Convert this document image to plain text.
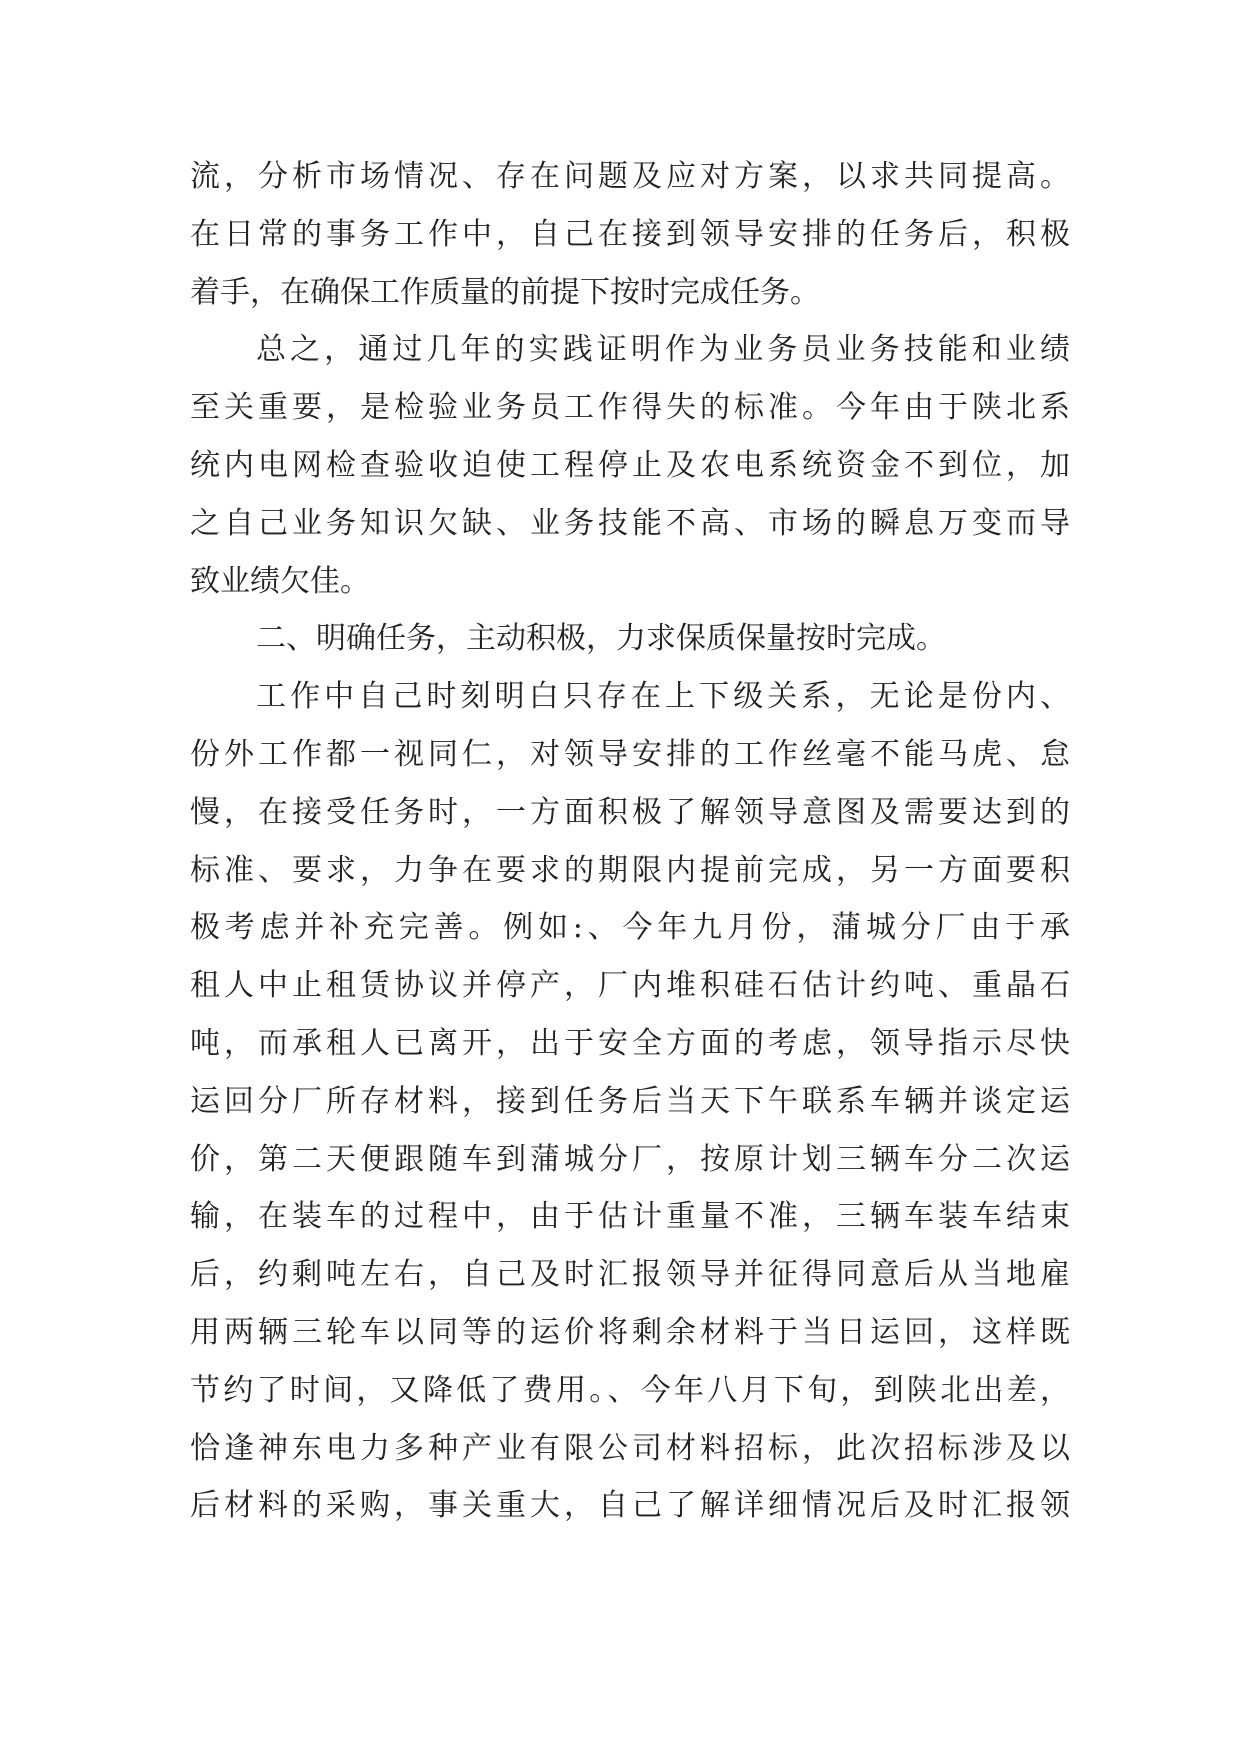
流，分析市场情况、存在问题及应对方案，以求共同提高。
在日常的事务工作中，自己在接到领导安排的任务后，积极
着手，在确保工作质量的前提下按时完成任务。
总之，通过几年的实践证明作为业务员业务技能和业绩
至关重要，是检验业务员工作得失的标准。今年由于陕北系
统内电网检查验收迫使工程停止及农电系统资金不到位，加
之自己业务知识欠缺、业务技能不高、市场的瞬息万变而导
致业绩欠佳。
二、明确任务，主动积极，力求保质保量按时完成。
工作中自己时刻明白只存在上下级关系，无论是份内、
份外工作都一视同仁，对领导安排的工作丝毫不能马虎、怠
慢，在接受任务时，一方面积极了解领导意图及需要达到的
标准、要求，力争在要求的期限内提前完成，另一方面要积
极考虑并补充完善。例如:、今年九月份，蒲城分厂由于承
租人中止租赁协议并停产，厂内堆积硅石估计约吨、重晶石
吨，而承租人已离开，出于安全方面的考虑，领导指示尽快
运回分厂所存材料，接到任务后当天下午联系车辆并谈定运
价，第二天便跟随车到蒲城分厂，按原计划三辆车分二次运
输，在装车的过程中，由于估计重量不准，三辆车装车结束
后，约剩吨左右，自己及时汇报领导并征得同意后从当地雇
用两辆三轮车以同等的运价将剩余材料于当日运回，这样既
节约了时间，又降低了费用。、今年八月下旬，到陕北出差，
恰逢神东电力多种产业有限公司材料招标，此次招标涉及以
后材料的采购，事关重大，自己了解详细情况后及时汇报领
